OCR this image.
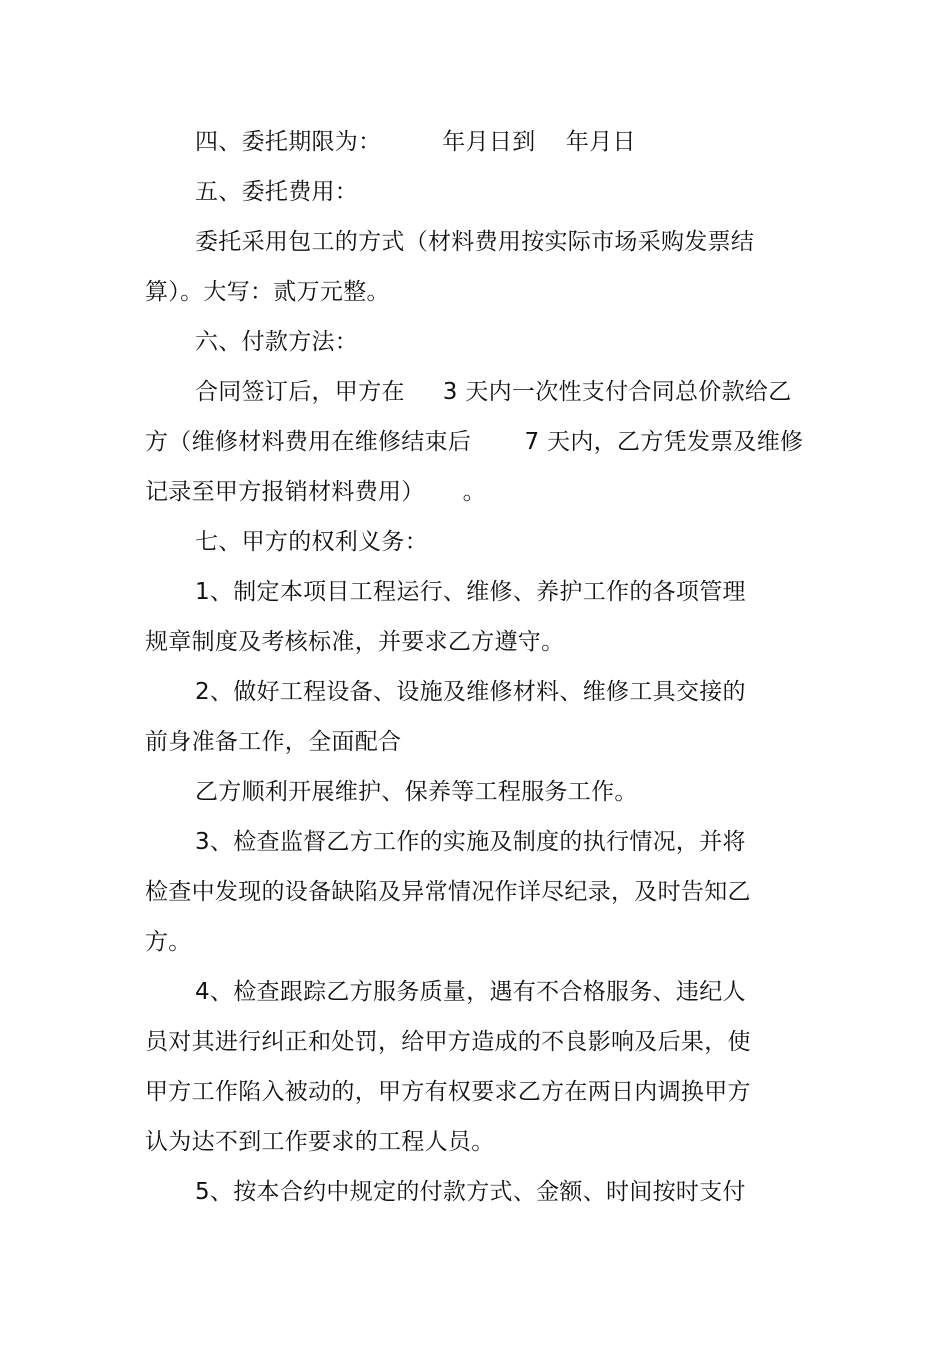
四、委托期限为：        年月日到    年月日
五、委托费用：
委托采用包工的方式（材料费用按实际市场采购发票结
算）。大写：贰万元整。
六、付款方法：
合同签订后，甲方在     3 天内一次性支付合同总价款给乙
方（维修材料费用在维修结束后       7 天内，乙方凭发票及维修
记录至甲方报销材料费用）     。
七、甲方的权利义务：
1、制定本项目工程运行、维修、养护工作的各项管理
规章制度及考核标准，并要求乙方遵守。
2、做好工程设备、设施及维修材料、维修工具交接的
前身准备工作，全面配合
乙方顺利开展维护、保养等工程服务工作。
3、检查监督乙方工作的实施及制度的执行情况，并将
检查中发现的设备缺陷及异常情况作详尽纪录，及时告知乙
方。
4、检查跟踪乙方服务质量，遇有不合格服务、违纪人
员对其进行纠正和处罚，给甲方造成的不良影响及后果，使
甲方工作陷入被动的，甲方有权要求乙方在两日内调换甲方
认为达不到工作要求的工程人员。
5、按本合约中规定的付款方式、金额、时间按时支付
